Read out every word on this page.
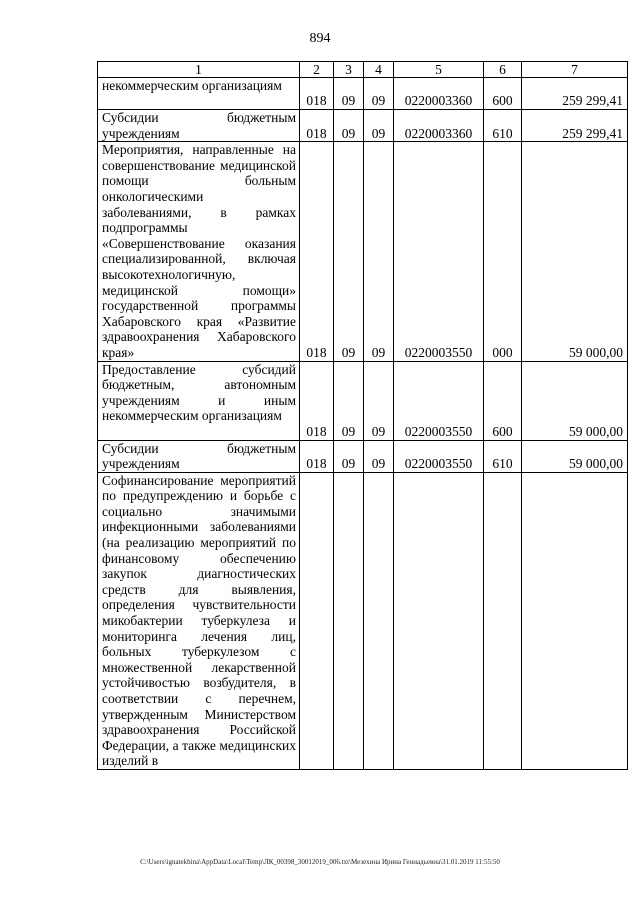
894
1	2	3	4	5	6	7
некоммерческим организациям	018	09	09	0220003360	600	259 299,41
Субсидии бюджетным учреждениям	018	09	09	0220003360	610	259 299,41
Мероприятия, направленные на совершенствование медицинской помощи больным онкологическими заболеваниями, в рамках подпрограммы «Совершенствование оказания специализированной, включая высокотехнологичную, медицинской помощи» государственной программы Хабаровского края «Развитие здравоохранения Хабаровского края»	018	09	09	0220003550	000	59 000,00
Предоставление субсидий бюджетным, автономным учреждениям и иным некоммерческим организациям	018	09	09	0220003550	600	59 000,00
Субсидии бюджетным учреждениям	018	09	09	0220003550	610	59 000,00
Софинансирование мероприятий по предупреждению и борьбе с социально значимыми инфекционными заболеваниями (на реализацию мероприятий по финансовому обеспечению закупок диагностических средств для выявления, определения чувствительности микобактерии туберкулеза и мониторинга лечения лиц, больных туберкулезом с множественной лекарственной устойчивостью возбудителя, в соответствии с перечнем, утвержденным Министерством здравоохранения Российской Федерации, а также медицинских изделий в						
C:\Users\ignatekhina\AppData\Local\Temp\ЛК_00398_30012019_006.txt\Мезехина Ирина Геннадьевна\31.01.2019 11:55:50
